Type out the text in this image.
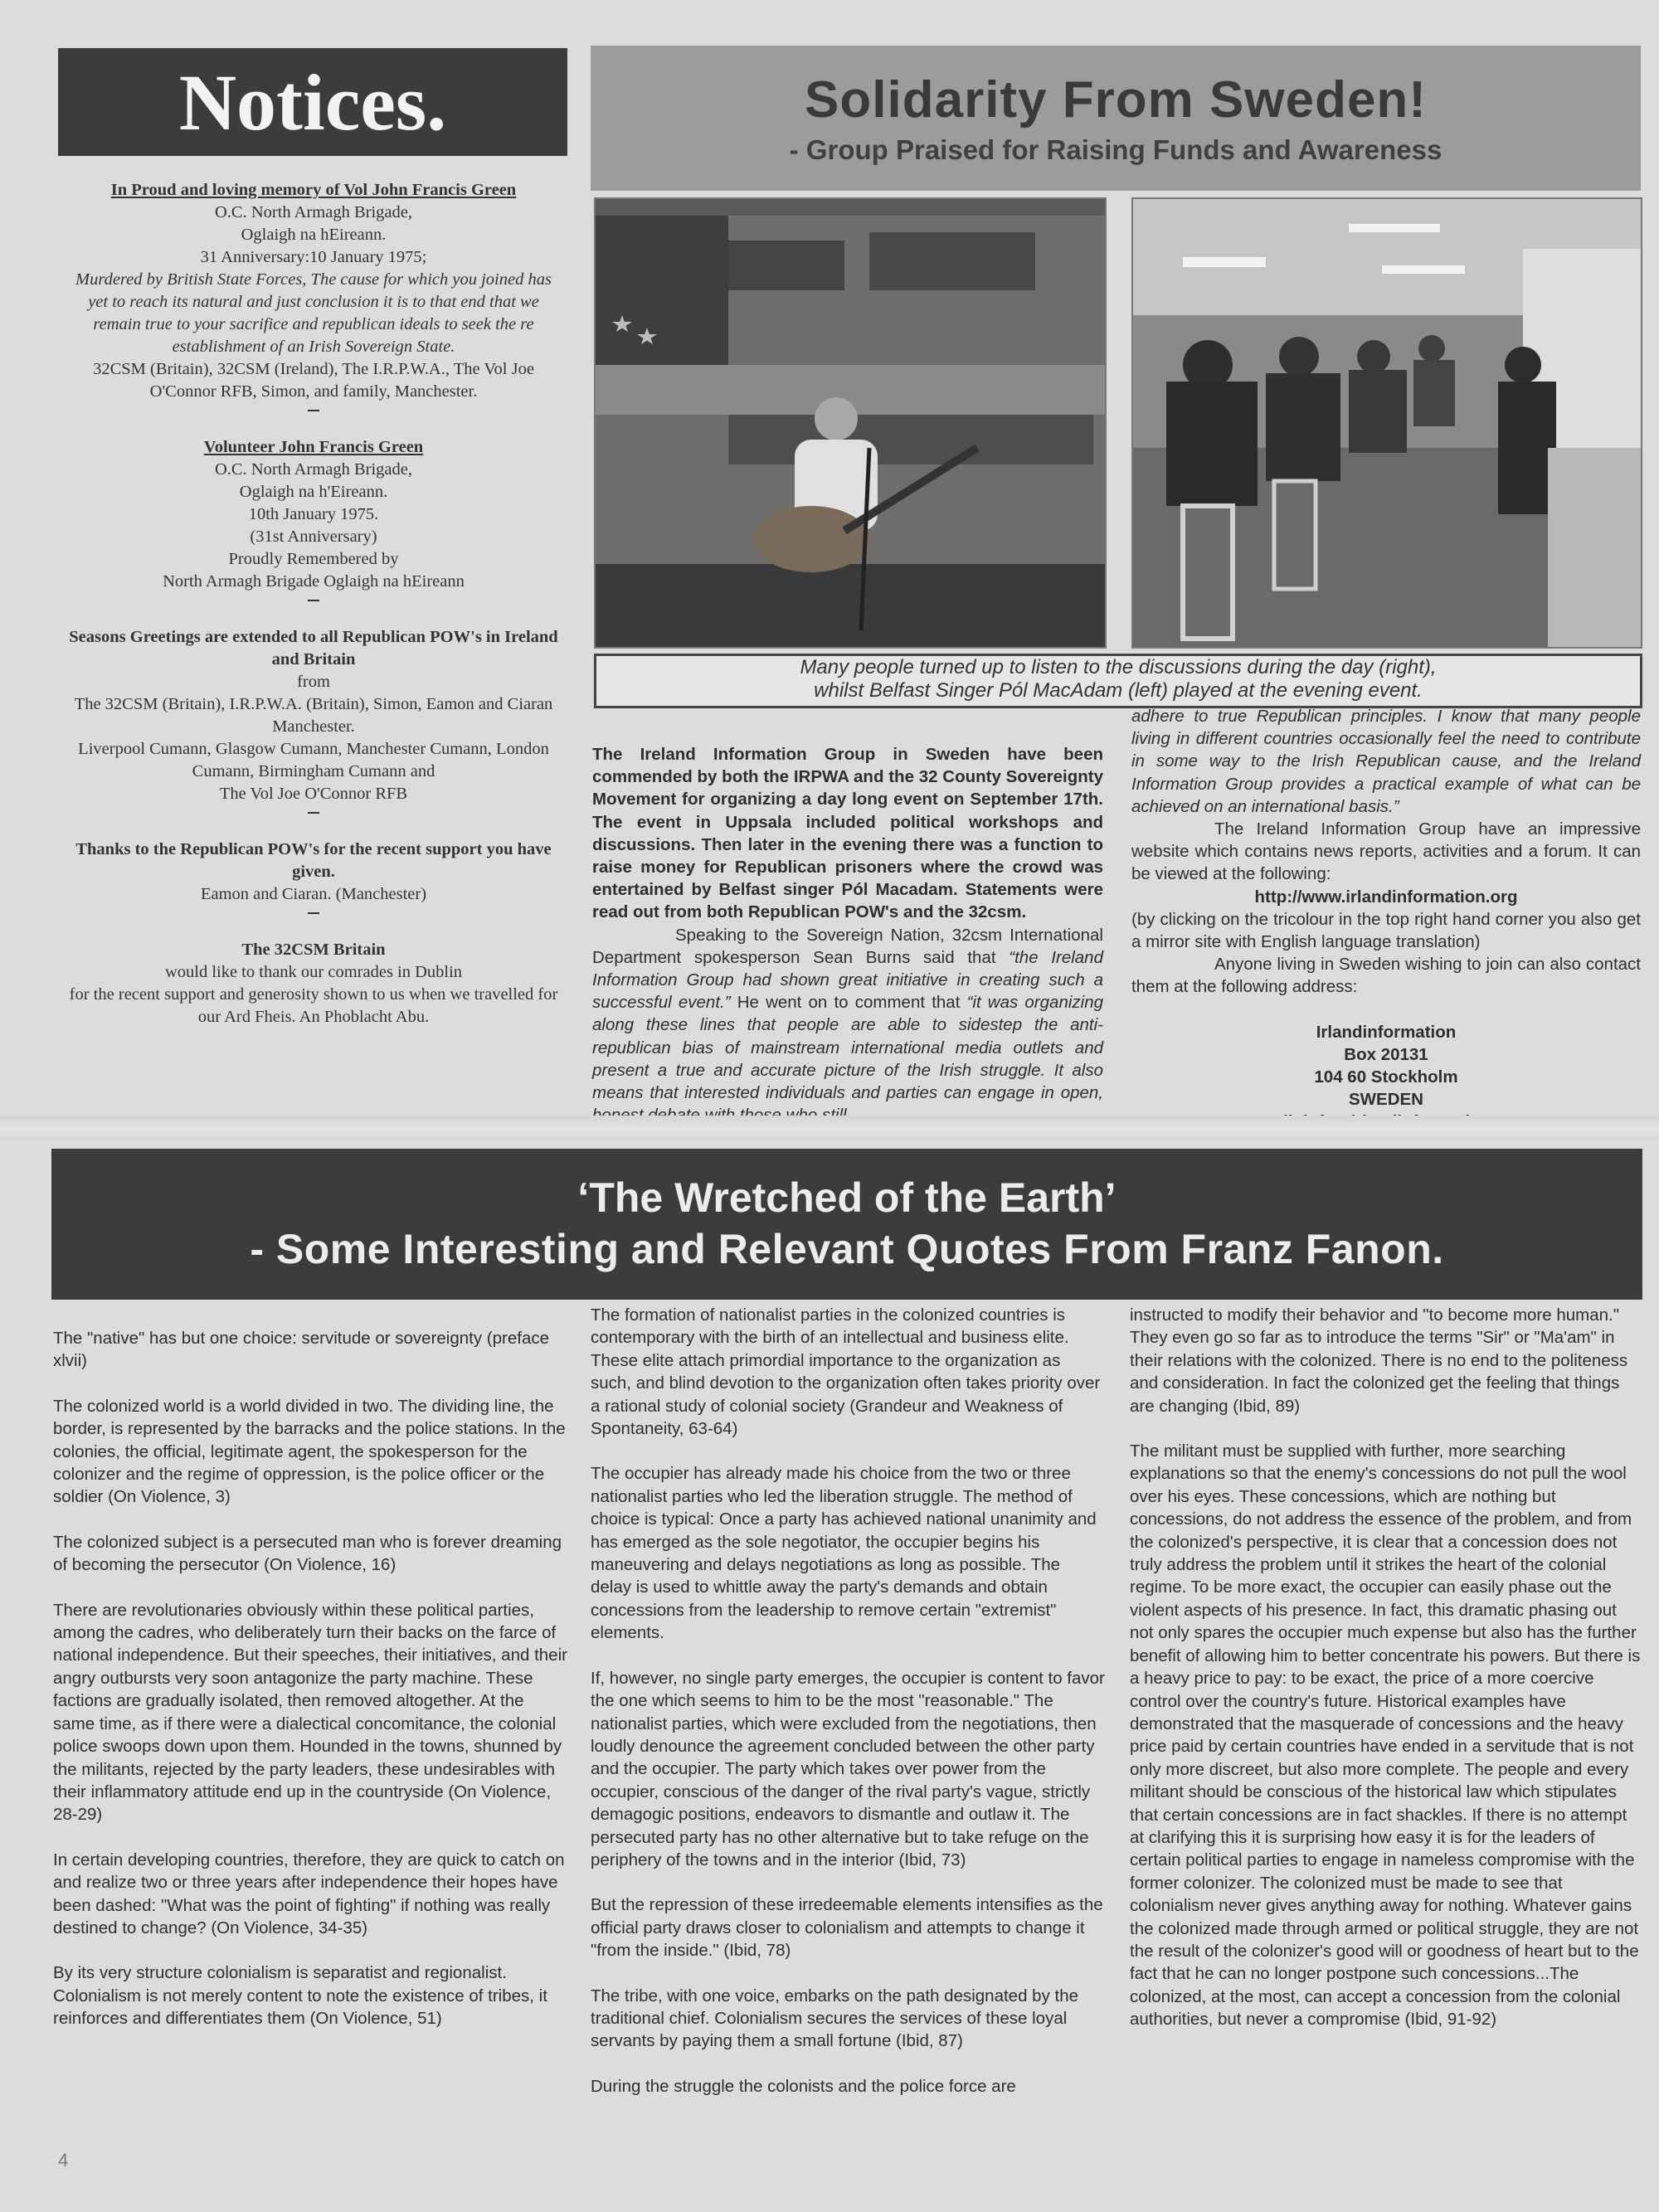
Notices.

In Proud and loving memory of Vol John Francis Green

O.C. North Armagh Brigade,

Oglaigh na hEireann.

31 Anniversary:10 January 1975;

Murdered by British State Forces, The cause for which you joined has yet to reach its natural and just conclusion it is to that end that we remain true to your sacrifice and republican ideals to seek the re establishment of an Irish Sovereign State.

32CSM (Britain), 32CSM (Ireland), The I.R.P.W.A., The Vol Joe O'Connor RFB, Simon, and family, Manchester.

Volunteer John Francis Green

O.C. North Armagh Brigade,

Oglaigh na h'Eireann.

10th January 1975.

(31st Anniversary)

Proudly Remembered by

North Armagh Brigade Oglaigh na hEireann

Seasons Greetings are extended to all Republican POW's in Ireland and Britain

from

The 32CSM (Britain), I.R.P.W.A. (Britain), Simon, Eamon and Ciaran Manchester.

Liverpool Cumann, Glasgow Cumann, Manchester Cumann, London Cumann, Birmingham Cumann and

The Vol Joe O'Connor RFB

Thanks to the Republican POW's for the recent support you have given.

Eamon and Ciaran. (Manchester)

The 32CSM Britain

would like to thank our comrades in Dublin

for the recent support and generosity shown to us when we travelled for our Ard Fheis. An Phoblacht Abu.

Solidarity From Sweden!
- Group Praised for Raising Funds and Awareness
Many people turned up to listen to the discussions during the day (right),
whilst Belfast Singer Pól MacAdam (left) played at the evening event.

The Ireland Information Group in Sweden have been commended by both the IRPWA and the 32 County Sovereignty Movement for organizing a day long event on September 17th. The event in Uppsala included political workshops and discussions. Then later in the evening there was a function to raise money for Republican prisoners where the crowd was entertained by Belfast singer Pól Macadam. Statements were read out from both Republican POW's and the 32csm.

Speaking to the Sovereign Nation, 32csm International Department spokesperson Sean Burns said that “the Ireland Information Group had shown great initiative in creating such a successful event.” He went on to comment that “it was organizing along these lines that people are able to sidestep the anti-republican bias of mainstream international media outlets and present a true and accurate picture of the Irish struggle. It also means that interested individuals and parties can engage in open,

adhere to true Republican principles. I know that many people living in different countries occasionally feel the need to contribute in some way to the Irish Republican cause, and the Ireland Information Group provides a practical example of what can be achieved on an international basis.”

The Ireland Information Group have an impressive website which contains news reports, activities and a forum. It can be viewed at the following:

http://www.irlandinformation.org

(by clicking on the tricolour in the top right hand corner you also get a mirror site with English language translation)

Anyone living in Sweden wishing to join can also contact them at the following address:

Irlandinformation
Box 20131
104 60 Stockholm
SWEDEN
‘The Wretched of the Earth’
- Some Interesting and Relevant Quotes From Franz Fanon.

The "native" has but one choice: servitude or sovereignty (preface xlvii)

The colonized world is a world divided in two. The dividing line, the border, is represented by the barracks and the police stations. In the colonies, the official, legitimate agent, the spokesperson for the colonizer and the regime of oppression, is the police officer or the soldier (On Violence, 3)

The colonized subject is a persecuted man who is forever dreaming of becoming the persecutor (On Violence, 16)

There are revolutionaries obviously within these political parties, among the cadres, who deliberately turn their backs on the farce of national independence. But their speeches, their initiatives, and their angry outbursts very soon antagonize the party machine. These factions are gradually isolated, then removed altogether. At the same time, as if there were a dialectical concomitance, the colonial police swoops down upon them. Hounded in the towns, shunned by the militants, rejected by the party leaders, these undesirables with their inflammatory attitude end up in the countryside (On Violence, 28-29)

In certain developing countries, therefore, they are quick to catch on and realize two or three years after independence their hopes have been dashed: "What was the point of fighting" if nothing was really destined to change? (On Violence, 34-35)

By its very structure colonialism is separatist and regionalist. Colonialism is not merely content to note the existence of tribes, it reinforces and differentiates them (On Violence, 51)

The formation of nationalist parties in the colonized countries is contemporary with the birth of an intellectual and business elite. These elite attach primordial importance to the organization as such, and blind devotion to the organization often takes priority over a rational study of colonial society (Grandeur and Weakness of Spontaneity, 63-64)

The occupier has already made his choice from the two or three nationalist parties who led the liberation struggle. The method of choice is typical: Once a party has achieved national unanimity and has emerged as the sole negotiator, the occupier begins his maneuvering and delays negotiations as long as possible. The delay is used to whittle away the party's demands and obtain concessions from the leadership to remove certain "extremist" elements.

If, however, no single party emerges, the occupier is content to favor the one which seems to him to be the most "reasonable." The nationalist parties, which were excluded from the negotiations, then loudly denounce the agreement concluded between the other party and the occupier. The party which takes over power from the occupier, conscious of the danger of the rival party's vague, strictly demagogic positions, endeavors to dismantle and outlaw it. The persecuted party has no other alternative but to take refuge on the periphery of the towns and in the interior (Ibid, 73)

But the repression of these irredeemable elements intensifies as the official party draws closer to colonialism and attempts to change it "from the inside." (Ibid, 78)

The tribe, with one voice, embarks on the path designated by the traditional chief. Colonialism secures the services of these loyal servants by paying them a small fortune (Ibid, 87)

During the struggle the colonists and the police force are

instructed to modify their behavior and "to become more human." They even go so far as to introduce the terms "Sir" or "Ma'am" in their relations with the colonized. There is no end to the politeness and consideration. In fact the colonized get the feeling that things are changing (Ibid, 89)

The militant must be supplied with further, more searching explanations so that the enemy's concessions do not pull the wool over his eyes. These concessions, which are nothing but concessions, do not address the essence of the problem, and from the colonized's perspective, it is clear that a concession does not truly address the problem until it strikes the heart of the colonial regime. To be more exact, the occupier can easily phase out the violent aspects of his presence. In fact, this dramatic phasing out not only spares the occupier much expense but also has the further benefit of allowing him to better concentrate his powers. But there is a heavy price to pay: to be exact, the price of a more coercive control over the country's future. Historical examples have demonstrated that the masquerade of concessions and the heavy price paid by certain countries have ended in a servitude that is not only more discreet, but also more complete. The people and every militant should be conscious of the historical law which stipulates that certain concessions are in fact shackles. If there is no attempt at clarifying this it is surprising how easy it is for the leaders of certain political parties to engage in nameless compromise with the former colonizer. The colonized must be made to see that colonialism never gives anything away for nothing. Whatever gains the colonized made through armed or political struggle, they are not the result of the colonizer's good will or goodness of heart but to the fact that he can no longer postpone such concessions...The colonized, at the most, can accept a concession from the colonial authorities, but never a compromise (Ibid, 91-92)

4
